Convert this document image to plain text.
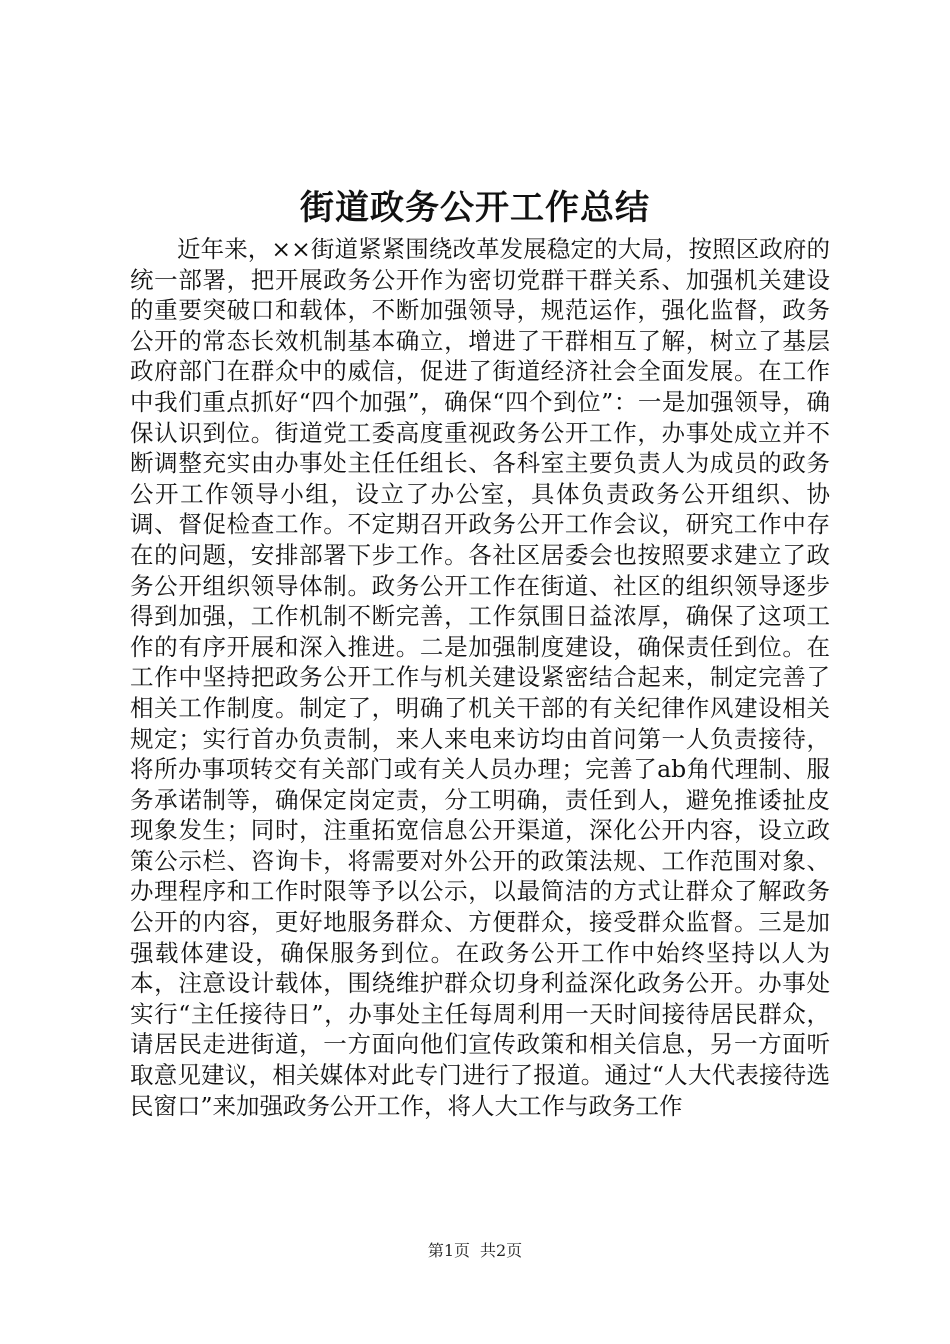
街道政务公开工作总结

近年来，××街道紧紧围绕改革发展稳定的大局，按照区政府的统一部署，把开展政务公开作为密切党群干群关系、加强机关建设的重要突破口和载体，不断加强领导，规范运作，强化监督，政务公开的常态长效机制基本确立，增进了干群相互了解，树立了基层政府部门在群众中的威信，促进了街道经济社会全面发展。在工作中我们重点抓好“四个加强”，确保“四个到位”：一是加强领导，确保认识到位。街道党工委高度重视政务公开工作，办事处成立并不断调整充实由办事处主任任组长、各科室主要负责人为成员的政务公开工作领导小组，设立了办公室，具体负责政务公开组织、协调、督促检查工作。不定期召开政务公开工作会议，研究工作中存在的问题，安排部署下步工作。各社区居委会也按照要求建立了政务公开组织领导体制。政务公开工作在街道、社区的组织领导逐步得到加强，工作机制不断完善，工作氛围日益浓厚，确保了这项工作的有序开展和深入推进。二是加强制度建设，确保责任到位。在工作中坚持把政务公开工作与机关建设紧密结合起来，制定完善了相关工作制度。制定了，明确了机关干部的有关纪律作风建设相关规定；实行首办负责制，来人来电来访均由首问第一人负责接待，将所办事项转交有关部门或有关人员办理；完善了ab角代理制、服务承诺制等，确保定岗定责，分工明确，责任到人，避免推诿扯皮现象发生；同时，注重拓宽信息公开渠道，深化公开内容，设立政策公示栏、咨询卡，将需要对外公开的政策法规、工作范围对象、办理程序和工作时限等予以公示，以最简洁的方式让群众了解政务公开的内容，更好地服务群众、方便群众，接受群众监督。三是加强载体建设，确保服务到位。在政务公开工作中始终坚持以人为本，注意设计载体，围绕维护群众切身利益深化政务公开。办事处实行“主任接待日”，办事处主任每周利用一天时间接待居民群众，请居民走进街道，一方面向他们宣传政策和相关信息，另一方面听取意见建议，相关媒体对此专门进行了报道。通过“人大代表接待选民窗口”来加强政务公开工作，将人大工作与政务工作

第1页 共2页
